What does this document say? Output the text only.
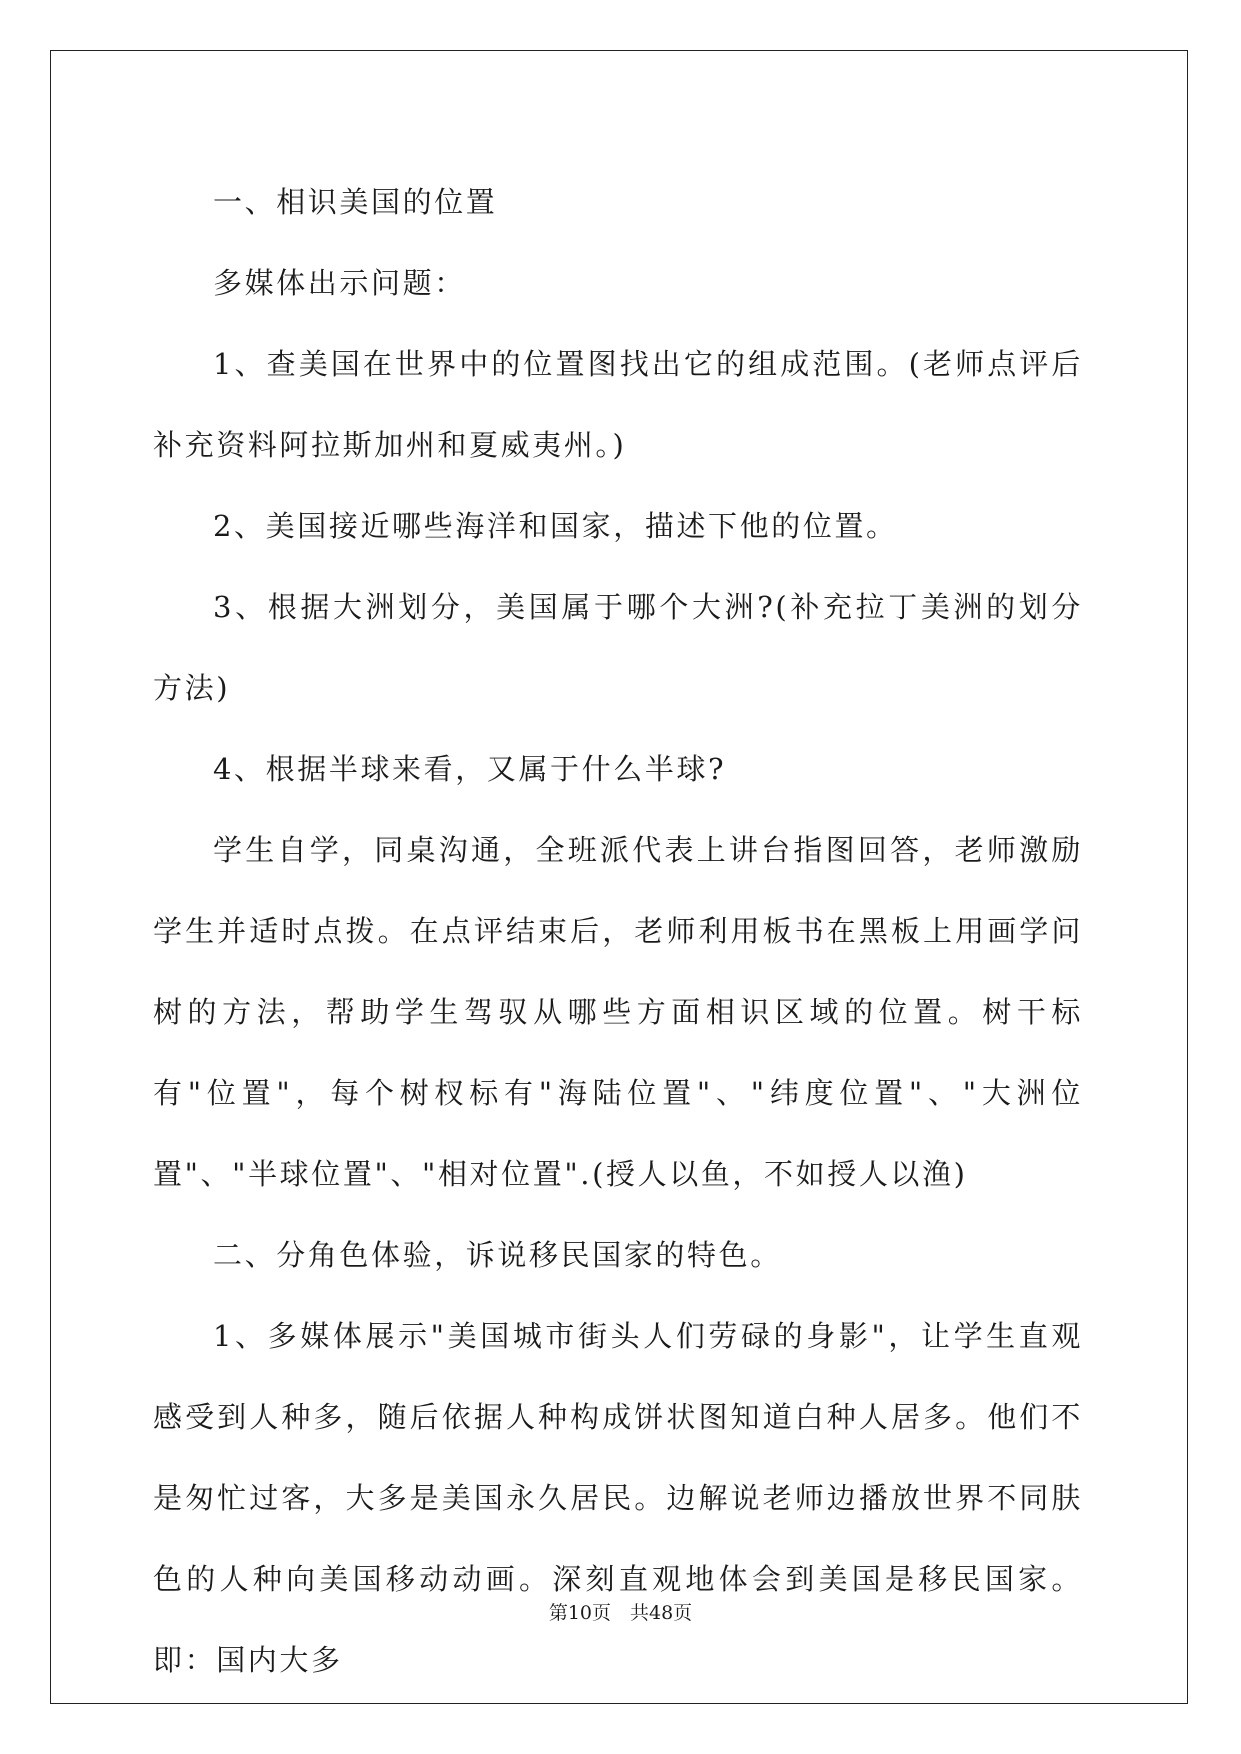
一、相识美国的位置

多媒体出示问题：

1、查美国在世界中的位置图找出它的组成范围。(老师点评后补充资料阿拉斯加州和夏威夷州。)

2、美国接近哪些海洋和国家，描述下他的位置。

3、根据大洲划分，美国属于哪个大洲?(补充拉丁美洲的划分方法)

4、根据半球来看，又属于什么半球?

学生自学，同桌沟通，全班派代表上讲台指图回答，老师激励学生并适时点拨。在点评结束后，老师利用板书在黑板上用画学问树的方法，帮助学生驾驭从哪些方面相识区域的位置。树干标有"位置"，每个树杈标有"海陆位置"、"纬度位置"、"大洲位置"、"半球位置"、"相对位置".(授人以鱼，不如授人以渔)

二、分角色体验，诉说移民国家的特色。

1、多媒体展示"美国城市街头人们劳碌的身影"，让学生直观感受到人种多，随后依据人种构成饼状图知道白种人居多。他们不是匆忙过客，大多是美国永久居民。边解说老师边播放世界不同肤色的人种向美国移动动画。深刻直观地体会到美国是移民国家。即：国内大多

第10页　共48页
